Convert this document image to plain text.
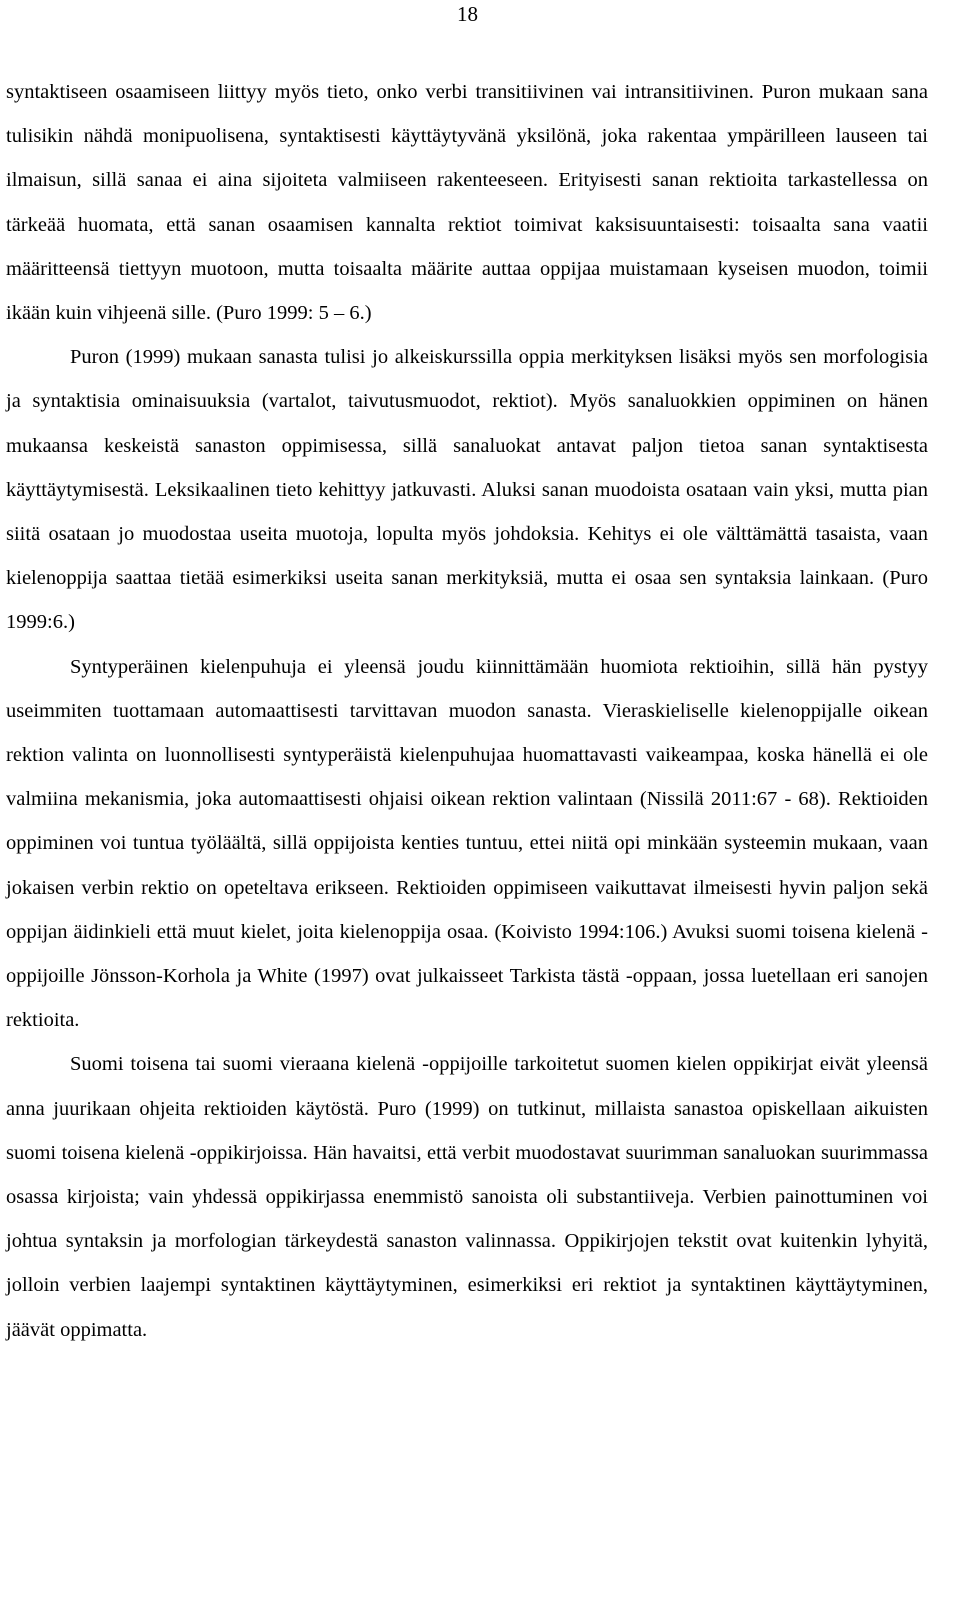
18

syntaktiseen osaamiseen liittyy myös tieto, onko verbi transitiivinen vai intransitiivinen. Puron mukaan sana tulisikin nähdä monipuolisena, syntaktisesti käyttäytyvänä yksilönä, joka rakentaa ympärilleen lauseen tai ilmaisun, sillä sanaa ei aina sijoiteta valmiiseen rakenteeseen. Erityisesti sanan rektioita tarkastellessa on tärkeää huomata, että sanan osaamisen kannalta rektiot toimivat kaksisuuntaisesti: toisaalta sana vaatii määritteensä tiettyyn muotoon, mutta toisaalta määrite auttaa oppijaa muistamaan kyseisen muodon, toimii ikään kuin vihjeenä sille. (Puro 1999: 5 – 6.)

Puron (1999) mukaan sanasta tulisi jo alkeiskurssilla oppia merkityksen lisäksi myös sen morfologisia ja syntaktisia ominaisuuksia (vartalot, taivutusmuodot, rektiot). Myös sanaluokkien oppiminen on hänen mukaansa keskeistä sanaston oppimisessa, sillä sanaluokat antavat paljon tietoa sanan syntaktisesta käyttäytymisestä. Leksikaalinen tieto kehittyy jatkuvasti. Aluksi sanan muodoista osataan vain yksi, mutta pian siitä osataan jo muodostaa useita muotoja, lopulta myös johdoksia. Kehitys ei ole välttämättä tasaista, vaan kielenoppija saattaa tietää esimerkiksi useita sanan merkityksiä, mutta ei osaa sen syntaksia lainkaan. (Puro 1999:6.)

Syntyperäinen kielenpuhuja ei yleensä joudu kiinnittämään huomiota rektioihin, sillä hän pystyy useimmiten tuottamaan automaattisesti tarvittavan muodon sanasta. Vieraskieliselle kielenoppijalle oikean rektion valinta on luonnollisesti syntyperäistä kielenpuhujaa huomattavasti vaikeampaa, koska hänellä ei ole valmiina mekanismia, joka automaattisesti ohjaisi oikean rektion valintaan (Nissilä 2011:67 - 68). Rektioiden oppiminen voi tuntua työläältä, sillä oppijoista kenties tuntuu, ettei niitä opi minkään systeemin mukaan, vaan jokaisen verbin rektio on opeteltava erikseen. Rektioiden oppimiseen vaikuttavat ilmeisesti hyvin paljon sekä oppijan äidinkieli että muut kielet, joita kielenoppija osaa. (Koivisto 1994:106.) Avuksi suomi toisena kielenä -oppijoille Jönsson-Korhola ja White (1997) ovat julkaisseet Tarkista tästä -oppaan, jossa luetellaan eri sanojen rektioita.

Suomi toisena tai suomi vieraana kielenä -oppijoille tarkoitetut suomen kielen oppikirjat eivät yleensä anna juurikaan ohjeita rektioiden käytöstä. Puro (1999) on tutkinut, millaista sanastoa opiskellaan aikuisten suomi toisena kielenä -oppikirjoissa. Hän havaitsi, että verbit muodostavat suurimman sanaluokan suurimmassa osassa kirjoista; vain yhdessä oppikirjassa enemmistö sanoista oli substantiiveja. Verbien painottuminen voi johtua syntaksin ja morfologian tärkeydestä sanaston valinnassa. Oppikirjojen tekstit ovat kuitenkin lyhyitä, jolloin verbien laajempi syntaktinen käyttäytyminen, esimerkiksi eri rektiot ja syntaktinen käyttäytyminen, jäävät oppimatta.
